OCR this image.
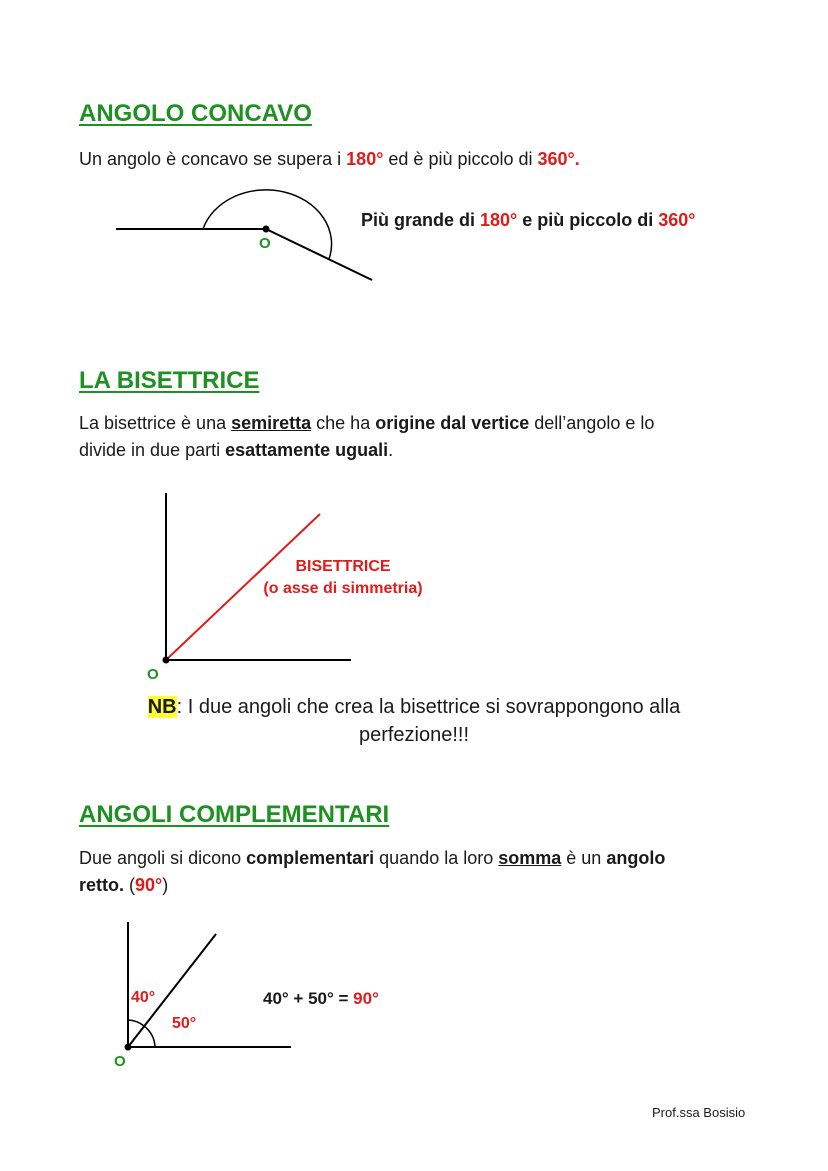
ANGOLO CONCAVO
Un angolo è concavo se supera i 180° ed è più piccolo di 360°.
O
Più grande di 180° e più piccolo di 360°
LA BISETTRICE
La bisettrice è una semiretta che ha origine dal vertice dell’angolo e lo
divide in due parti esattamente uguali.
BISETTRICE
(o asse di simmetria)
O
NB: I due angoli che crea la bisettrice si sovrappongono alla
perfezione!!!
ANGOLI COMPLEMENTARI
Due angoli si dicono complementari quando la loro somma è un angolo
retto. (90°)
40°
50°
40° + 50° = 90°
O
Prof.ssa Bosisio
